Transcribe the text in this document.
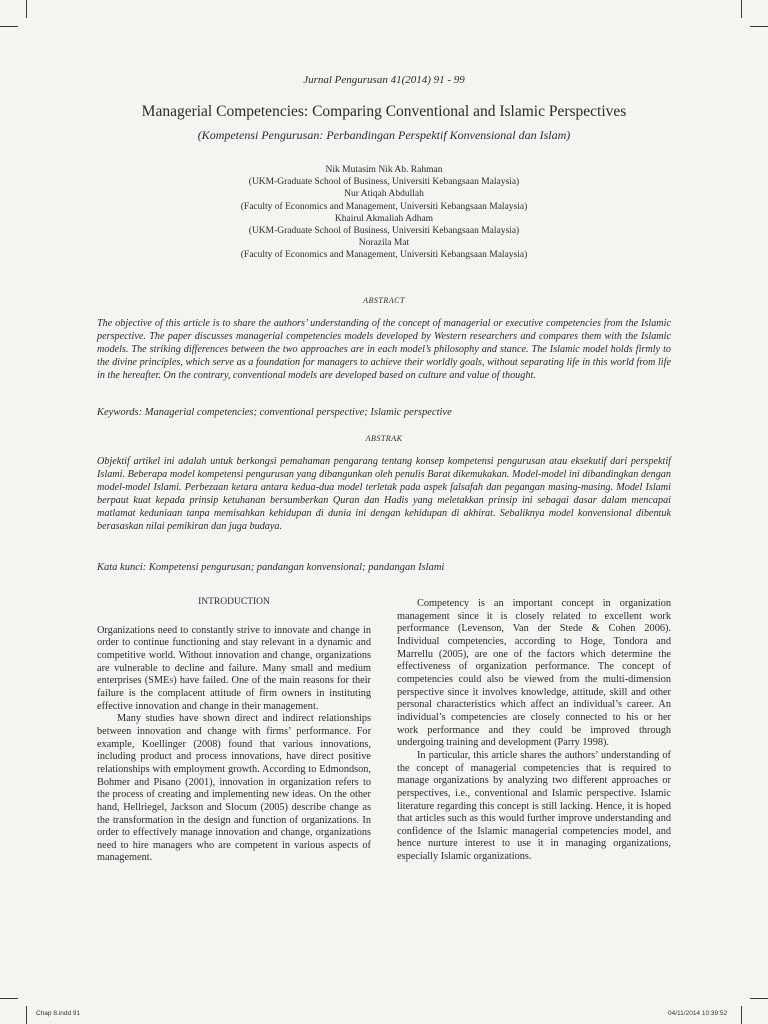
Jurnal Pengurusan 41(2014) 91 - 99
Managerial Competencies: Comparing Conventional and Islamic Perspectives
(Kompetensi Pengurusan: Perbandingan Perspektif Konvensional dan Islam)
Nik Mutasim Nik Ab. Rahman
(UKM-Graduate School of Business, Universiti Kebangsaan Malaysia)
Nur Atiqah Abdullah
(Faculty of Economics and Management, Universiti Kebangsaan Malaysia)
Khairul Akmaliah Adham
(UKM-Graduate School of Business, Universiti Kebangsaan Malaysia)
Norazila Mat
(Faculty of Economics and Management, Universiti Kebangsaan Malaysia)
ABSTRACT

The objective of this article is to share the authors’ understanding of the concept of managerial or executive competencies from the Islamic perspective. The paper discusses managerial competencies models developed by Western researchers and compares them with the Islamic models. The striking differences between the two approaches are in each model’s philosophy and stance. The Islamic model holds firmly to the divine principles, which serve as a foundation for managers to achieve their worldly goals, without separating life in this world from life in the hereafter. On the contrary, conventional models are developed based on culture and value of thought.

Keywords: Managerial competencies; conventional perspective; Islamic perspective
ABSTRAK

Objektif artikel ini adalah untuk berkongsi pemahaman pengarang tentang konsep kompetensi pengurusan atau eksekutif dari perspektif Islami. Beberapa model kompetensi pengurusan yang dibangunkan oleh penulis Barat dikemukakan. Model-model ini dibandingkan dengan model-model Islami. Perbezaan ketara antara kedua-dua model terletak pada aspek falsafah dan pegangan masing-masing. Model Islami berpaut kuat kepada prinsip ketuhanan bersumberkan Quran dan Hadis yang meletakkan prinsip ini sebagai dasar dalam mencapai matlamat keduniaan tanpa memisahkan kehidupan di dunia ini dengan kehidupan di akhirat. Sebaliknya model konvensional dibentuk berasaskan nilai pemikiran dan juga budaya.

Kata kunci: Kompetensi pengurusan; pandangan konvensional; pandangan Islami

INTRODUCTION

Organizations need to constantly strive to innovate and change in order to continue functioning and stay relevant in a dynamic and competitive world. Without innovation and change, organizations are vulnerable to decline and failure. Many small and medium enterprises (SMEs) have failed. One of the main reasons for their failure is the complacent attitude of firm owners in instituting effective innovation and change in their management.

Many studies have shown direct and indirect relationships between innovation and change with firms’ performance. For example, Koellinger (2008) found that various innovations, including product and process innovations, have direct positive relationships with employment growth. According to Edmondson, Bohmer and Pisano (2001), innovation in organization refers to the process of creating and implementing new ideas. On the other hand, Hellriegel, Jackson and Slocum (2005) describe change as the transformation in the design and function of organizations. In order to effectively manage innovation and change, organizations need to hire managers who are competent in various aspects of management.

Competency is an important concept in organization management since it is closely related to excellent work performance (Levenson, Van der Stede & Cohen 2006). Individual competencies, according to Hoge, Tondora and Marrellu (2005), are one of the factors which determine the effectiveness of organization performance. The concept of competencies could also be viewed from the multi-dimension perspective since it involves knowledge, attitude, skill and other personal characteristics which affect an individual’s career. An individual’s competencies are closely connected to his or her work performance and they could be improved through undergoing training and development (Parry 1998).

In particular, this article shares the authors’ understanding of the concept of managerial competencies that is required to manage organizations by analyzing two different approaches or perspectives, i.e., conventional and Islamic perspective. Islamic literature regarding this concept is still lacking. Hence, it is hoped that articles such as this would further improve understanding and confidence of the Islamic managerial competencies model, and hence nurture interest to use it in managing organizations, especially Islamic organizations.

Chap 8.indd 91	04/11/2014 10:39:52
